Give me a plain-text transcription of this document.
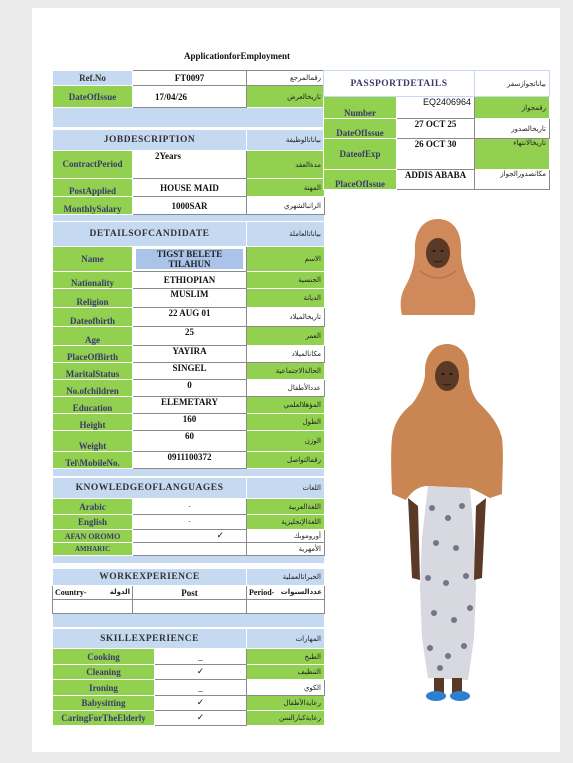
ApplicationforEmployment
Ref.No	FT0097	رقمالمرجع
DateOfIssue	17/04/26	تاريخالعرض

JOBDESCRIPTION		بياناتالوظيفة
ContractPeriod	2Years	مدةالعقد
PostApplied	HOUSE MAID	المهنة
MonthlySalary	1000SAR	الراتبالشهري

DETAILSOFCANDIDATE		بياناتالعاملة
Name	TIGST BELETE TILAHUN	الاسم
Nationality	ETHIOPIAN	الجنسية
Religion	MUSLIM	الديانة
Dateofbirth	22 AUG 01	تاريخالميلاد
Age	25	العمر
PlaceOfBirth	YAYIRA	مكانالميلاد
MaritalStatus	SINGEL	الحالةالاجتماعية
No.ofchildren	0	عددالأطفال
Education	ELEMETARY	المؤهلالعلمي
Height	160	الطول
Weight	60	الوزن
Tel\MobileNo.	0911100372	رقمالتواصل

KNOWLEDGEOFLANGUAGES		اللغات
Arabic	-	اللغةالعربية
English	-	اللغةالإنجليزية
AFAN OROMO	✓	أوروموبك
AMHARIC		الأمهرية

WORKEXPERIENCE		الخبراتالعملية
Country- الدولة	Post	Period- عددالسنوات

SKILLEXPERIENCE		المهارات
Cooking	_	الطبخ
Cleaning	✓	التنظيف
Ironing	_	الكوي
Babysitting	✓	رعايةالأطفال
CaringForTheElderly	✓	رعايةكبارالسن
PASSPORTDETAILS		بياناتجوازسفر
Number	EQ2406964	رقمجواز
DateOfIssue	27 OCT 25	تاريخالصدور
DateofExp	26 OCT 30	تاريخالانتهاء
PlaceOfIssue	ADDIS ABABA	مكانصدورالجواز
